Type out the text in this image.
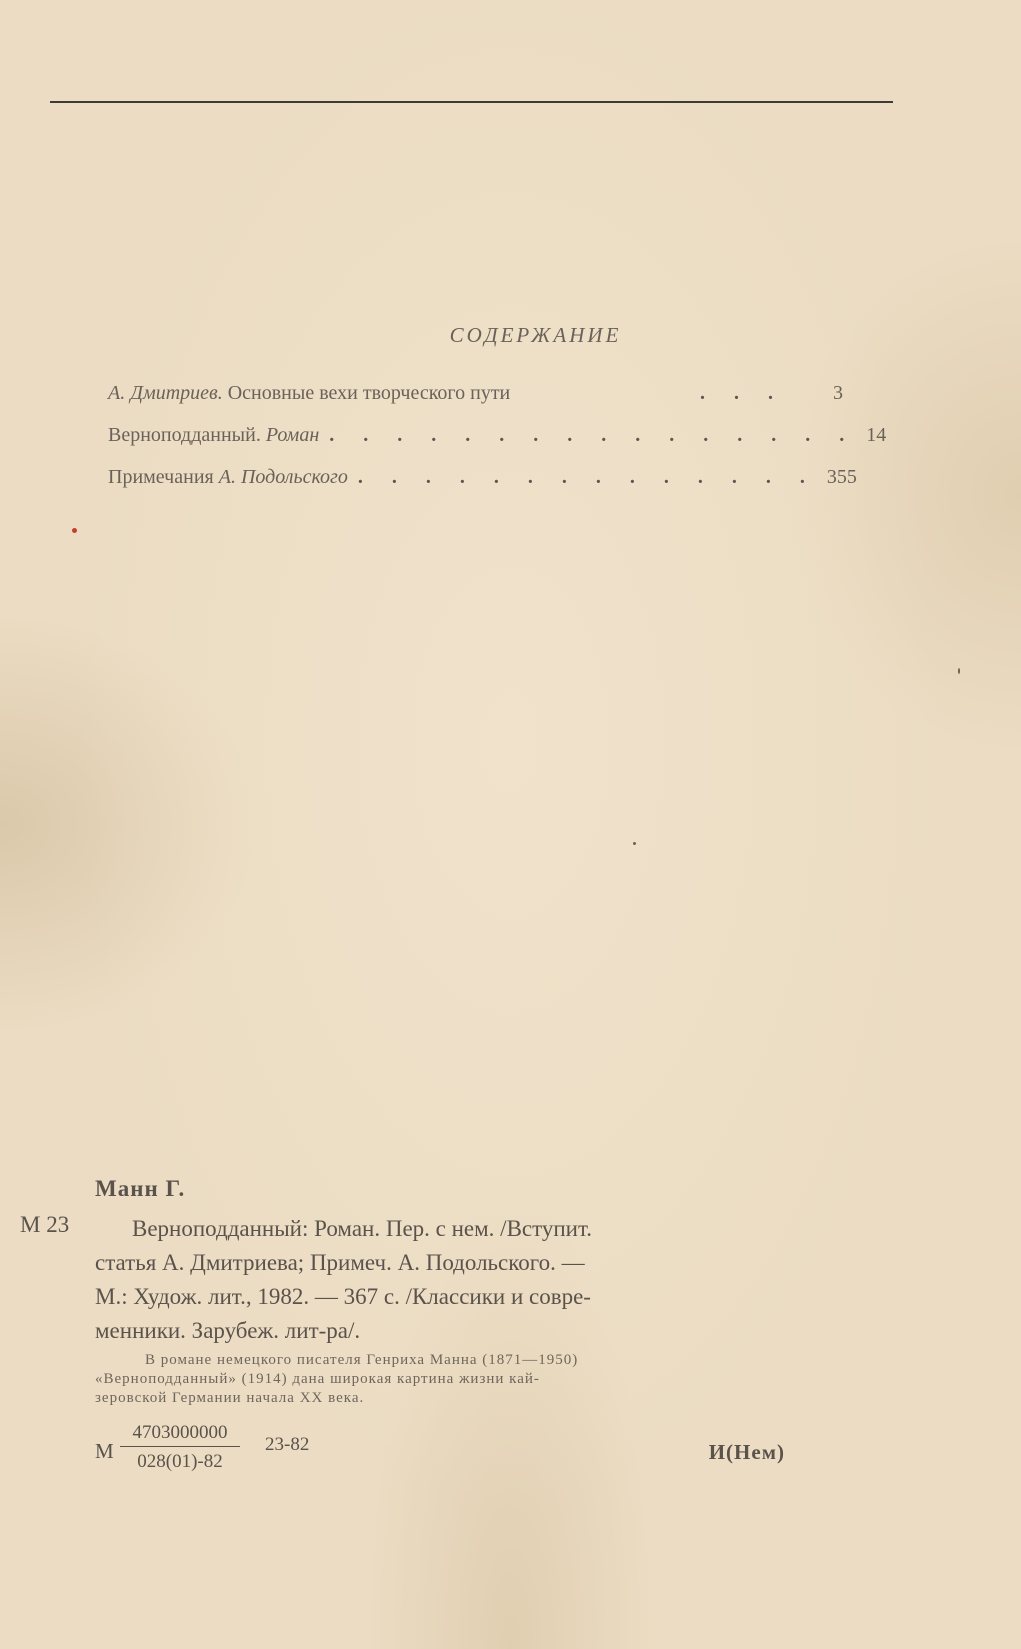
СОДЕРЖАНИЕ
А. Дмитриев. Основные вехи творческого пути	. . .	3
Верноподданный. Роман . . . . . . . . . . . . . . . . 14
Примечания А. Подольского . . . . . . . . . . . . . . 355
Манн Г.
М 23	Верноподданный: Роман. Пер. с нем. /Вступит.
статья А. Дмитриева; Примеч. А. Подольского. —
М.: Худож. лит., 1982. — 367 с. /Классики и совре-
менники. Зарубеж. лит-ра/.
В романе немецкого писателя Генриха Манна (1871—1950)
«Верноподданный» (1914) дана широкая картина жизни кай-
зеровской Германии начала XX века.
М $\frac{4703000000}{028(01)-82} 23-82$	И(Нем)
